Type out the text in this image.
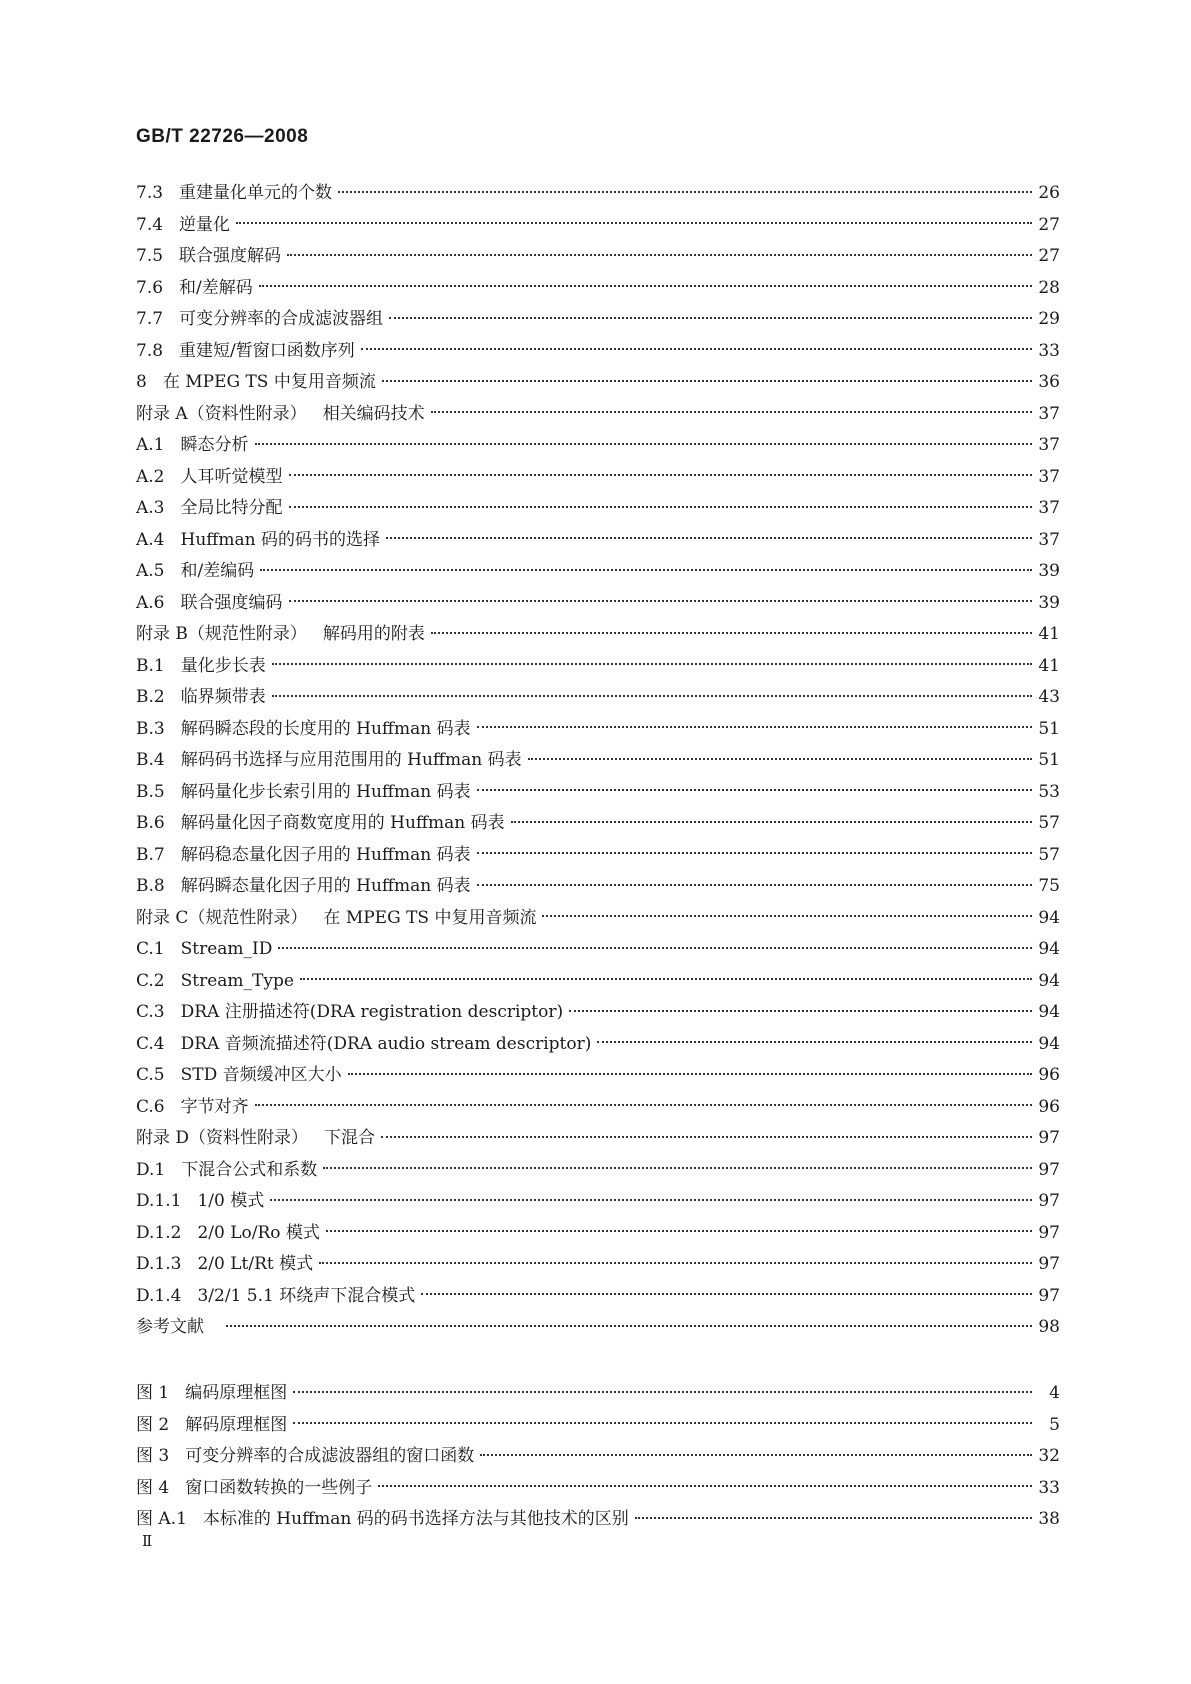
GB/T 22726—2008
7.3 重建量化单元的个数	26
7.4 逆量化	27
7.5 联合强度解码	27
7.6 和/差解码	28
7.7 可变分辨率的合成滤波器组	29
7.8 重建短/暂窗口函数序列	33
8 在 MPEG TS 中复用音频流	36
附录 A（资料性附录） 相关编码技术	37
A.1 瞬态分析	37
A.2 人耳听觉模型	37
A.3 全局比特分配	37
A.4 Huffman 码的码书的选择	37
A.5 和/差编码	39
A.6 联合强度编码	39
附录 B（规范性附录） 解码用的附表	41
B.1 量化步长表	41
B.2 临界频带表	43
B.3 解码瞬态段的长度用的 Huffman 码表	51
B.4 解码码书选择与应用范围用的 Huffman 码表	51
B.5 解码量化步长索引用的 Huffman 码表	53
B.6 解码量化因子商数宽度用的 Huffman 码表	57
B.7 解码稳态量化因子用的 Huffman 码表	57
B.8 解码瞬态量化因子用的 Huffman 码表	75
附录 C（规范性附录） 在 MPEG TS 中复用音频流	94
C.1 Stream_ID	94
C.2 Stream_Type	94
C.3 DRA 注册描述符(DRA registration descriptor)	94
C.4 DRA 音频流描述符(DRA audio stream descriptor)	94
C.5 STD 音频缓冲区大小	96
C.6 字节对齐	96
附录 D（资料性附录） 下混合	97
D.1 下混合公式和系数	97
D.1.1 1/0 模式	97
D.1.2 2/0 Lo/Ro 模式	97
D.1.3 2/0 Lt/Rt 模式	97
D.1.4 3/2/1 5.1 环绕声下混合模式	97
参考文献	98
图 1 编码原理框图	4
图 2 解码原理框图	5
图 3 可变分辨率的合成滤波器组的窗口函数	32
图 4 窗口函数转换的一些例子	33
图 A.1 本标准的 Huffman 码的码书选择方法与其他技术的区别	38
Ⅱ
